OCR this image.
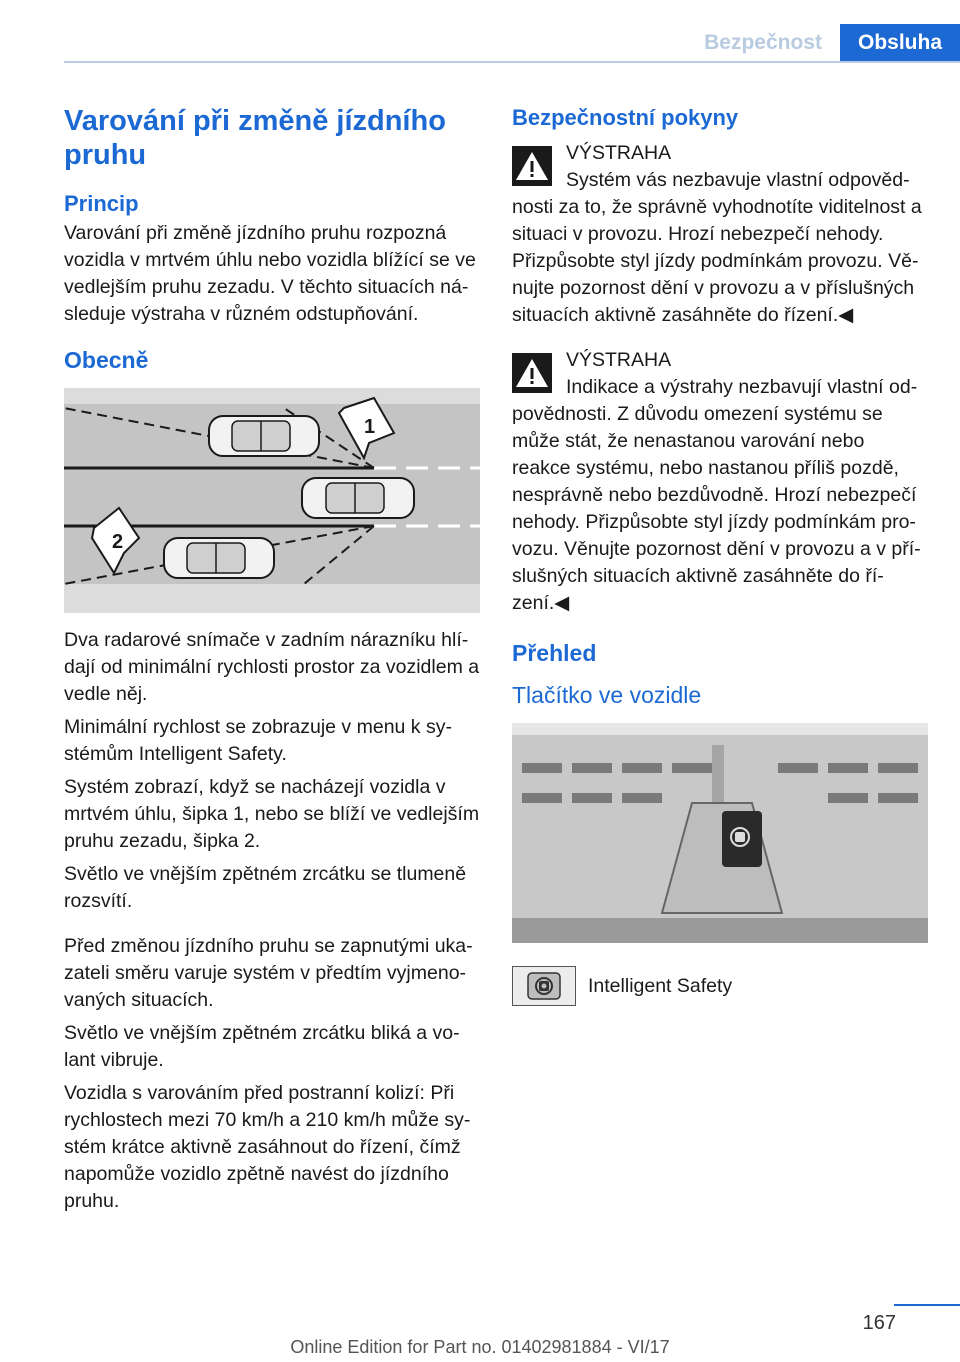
Bezpečnost	Obsluha
Varování při změně jízdního pruhu
Princip

Varování při změně jízdního pruhu rozpozná vozidla v mrtvém úhlu nebo vozidla blížící se ve vedlejším pruhu zezadu. V těchto situacích následuje výstraha v různém odstupňování.

Obecně
1
2

Dva radarové snímače v zadním nárazníku hlídají od minimální rychlosti prostor za vozidlem a vedle něj.

Minimální rychlost se zobrazuje v menu k systémům Intelligent Safety.

Systém zobrazí, když se nacházejí vozidla v mrtvém úhlu, šipka 1, nebo se blíží ve vedlejším pruhu zezadu, šipka 2.

Světlo ve vnějším zpětném zrcátku se tlumeně rozsvítí.

Před změnou jízdního pruhu se zapnutými ukazateli směru varuje systém v předtím vyjmenovaných situacích.

Světlo ve vnějším zpětném zrcátku bliká a volant vibruje.

Vozidla s varováním před postranní kolizí: Při rychlostech mezi 70 km/h a 210 km/h může systém krátce aktivně zasáhnout do řízení, čímž napomůže vozidlo zpětně navést do jízdního pruhu.

Bezpečnostní pokyny
VÝSTRAHA

Systém vás nezbavuje vlastní odpovědnosti za to, že správně vyhodnotíte viditelnost a situaci v provozu. Hrozí nebezpečí nehody. Přizpůsobte styl jízdy podmínkám provozu. Věnujte pozornost dění v provozu a v příslušných situacích aktivně zasáhněte do řízení.◀

VÝSTRAHA

Indikace a výstrahy nezbavují vlastní odpovědnosti. Z důvodu omezení systému se může stát, že nenastanou varování nebo reakce systému, nebo nastanou příliš pozdě, nesprávně nebo bezdůvodně. Hrozí nebezpečí nehody. Přizpůsobte styl jízdy podmínkám provozu. Věnujte pozornost dění v provozu a v příslušných situacích aktivně zasáhněte do řízení.◀

Přehled
Tlačítko ve vozidle
Intelligent Safety
167
Online Edition for Part no. 01402981884 - VI/17
